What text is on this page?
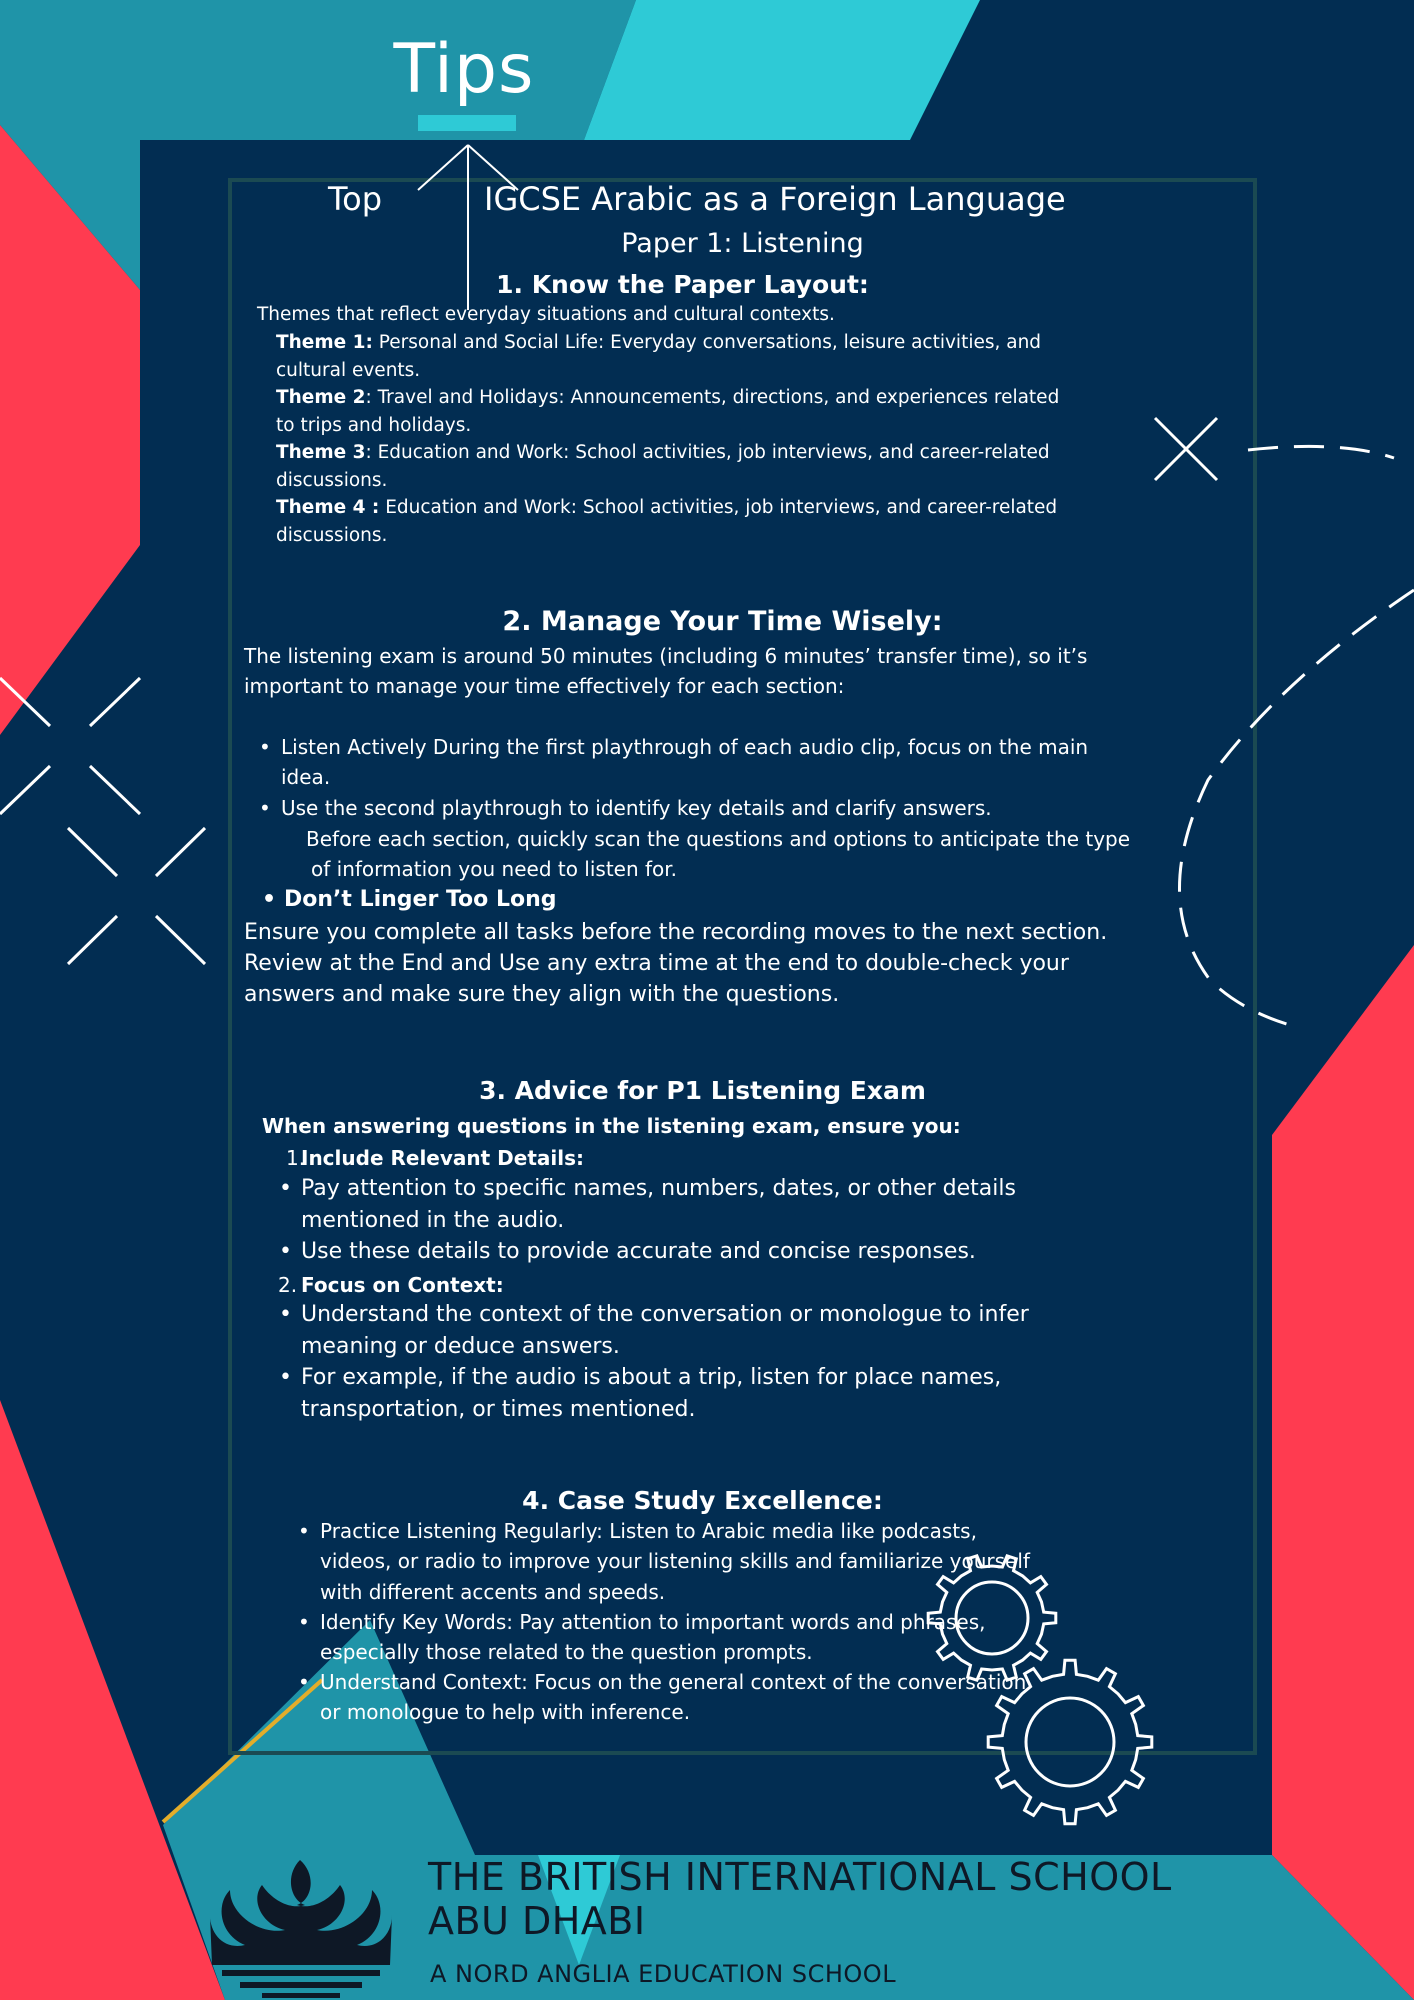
Tips
Top	IGCSE Arabic as a Foreign Language
Paper 1: Listening
1. Know the Paper Layout:
Themes that reflect everyday situations and cultural contexts.
Theme 1: Personal and Social Life: Everyday conversations, leisure activities, and
cultural events.
Theme 2: Travel and Holidays: Announcements, directions, and experiences related
to trips and holidays.
Theme 3: Education and Work: School activities, job interviews, and career-related
discussions.
Theme 4 : Education and Work: School activities, job interviews, and career-related
discussions.
2. Manage Your Time Wisely:
The listening exam is around 50 minutes (including 6 minutes’ transfer time), so it’s
important to manage your time effectively for each section:
• Listen Actively During the first playthrough of each audio clip, focus on the main
idea.
• Use the second playthrough to identify key details and clarify answers.
Before each section, quickly scan the questions and options to anticipate the type
of information you need to listen for.
• Don’t Linger Too Long
Ensure you complete all tasks before the recording moves to the next section.
Review at the End and Use any extra time at the end to double-check your
answers and make sure they align with the questions.
3. Advice for P1 Listening Exam
When answering questions in the listening exam, ensure you:
1.
Include Relevant Details:
• Pay attention to specific names, numbers, dates, or other details
mentioned in the audio.
• Use these details to provide accurate and concise responses.
2. Focus on Context:
• Understand the context of the conversation or monologue to infer
meaning or deduce answers.
• For example, if the audio is about a trip, listen for place names,
transportation, or times mentioned.
4. Case Study Excellence:
• Practice Listening Regularly: Listen to Arabic media like podcasts,
videos, or radio to improve your listening skills and familiarize yourself
with different accents and speeds.
• Identify Key Words: Pay attention to important words and phrases,
especially those related to the question prompts.
• Understand Context: Focus on the general context of the conversation
or monologue to help with inference.
THE BRITISH INTERNATIONAL SCHOOL
ABU DHABI
A NORD ANGLIA EDUCATION SCHOOL
